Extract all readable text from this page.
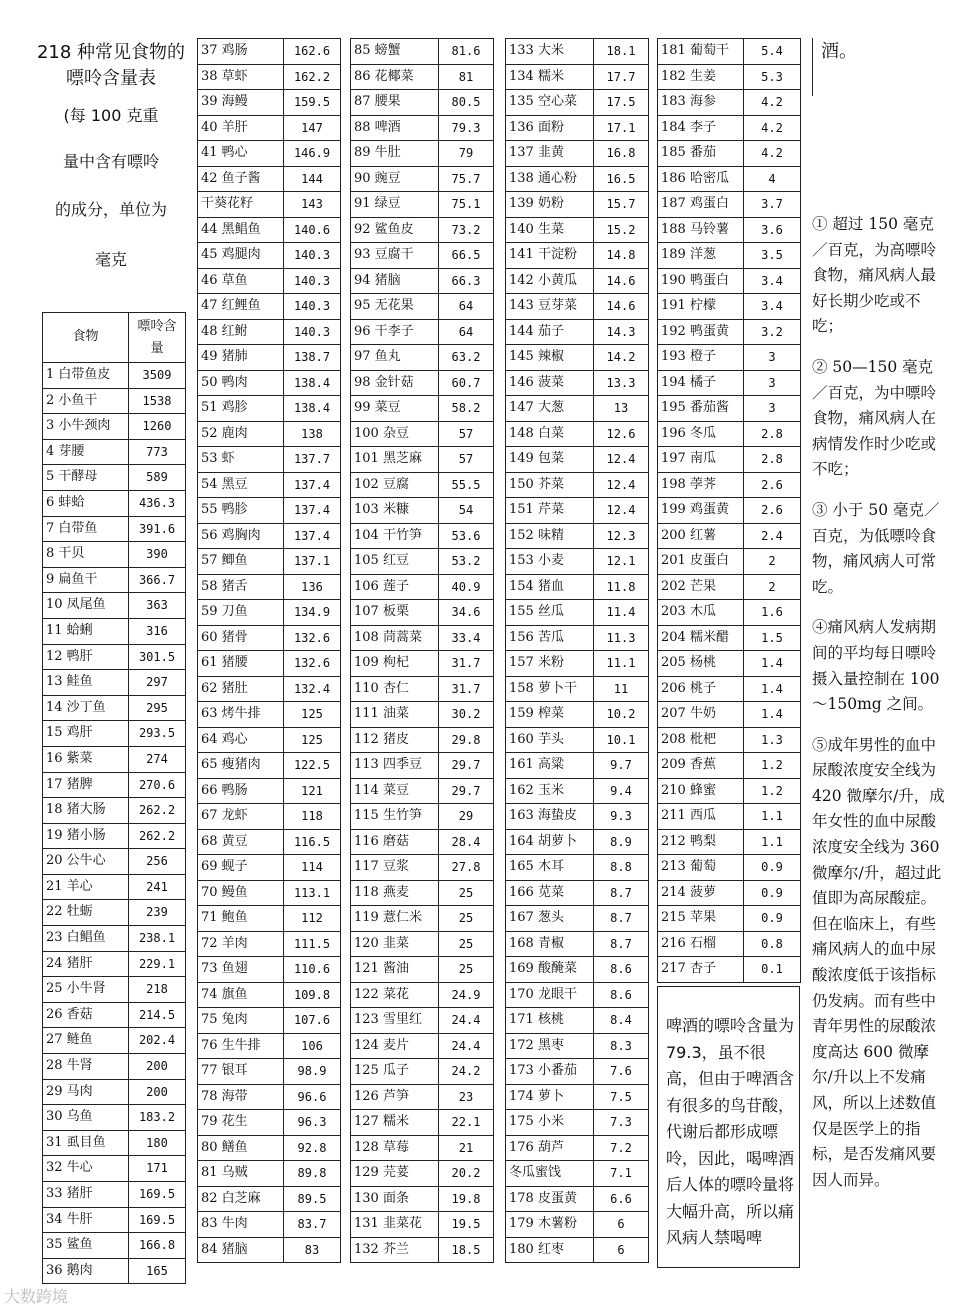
218 种常见食物的嘌呤含量表

(每 100 克重

量中含有嘌呤

的成分，单位为

毫克

食物	嘌呤含量
1 白带鱼皮	3509
2 小鱼干	1538
3 小牛颈肉	1260
4 芽腰	773
5 干酵母	589
6 蚌蛤	436.3
7 白带鱼	391.6
8 干贝	390
9 扁鱼干	366.7
10 凤尾鱼	363
11 蛤蜊	316
12 鸭肝	301.5
13 鲑鱼	297
14 沙丁鱼	295
15 鸡肝	293.5
16 紫菜	274
17 猪脾	270.6
18 猪大肠	262.2
19 猪小肠	262.2
20 公牛心	256
21 羊心	241
22 牡蛎	239
23 白鲳鱼	238.1
24 猪肝	229.1
25 小牛肾	218
26 香菇	214.5
27 鲢鱼	202.4
28 牛肾	200
29 马肉	200
30 乌鱼	183.2
31 虱目鱼	180
32 牛心	171
33 猪肝	169.5
34 牛肝	169.5
35 鲨鱼	166.8
36 鹅肉	165
37 鸡肠	162.6
38 草虾	162.2
39 海鳗	159.5
40 羊肝	147
41 鸭心	146.9
42 鱼子酱	144
干葵花籽	143
44 黑鲳鱼	140.6
45 鸡腿肉	140.3
46 草鱼	140.3
47 红鲤鱼	140.3
48 红鲋	140.3
49 猪肺	138.7
50 鸭肉	138.4
51 鸡胗	138.4
52 鹿肉	138
53 虾	137.7
54 黑豆	137.4
55 鸭胗	137.4
56 鸡胸肉	137.4
57 鲫鱼	137.1
58 猪舌	136
59 刀鱼	134.9
60 猪骨	132.6
61 猪腰	132.6
62 猪肚	132.4
63 烤牛排	125
64 鸡心	125
65 瘦猪肉	122.5
66 鸭肠	121
67 龙虾	118
68 黄豆	116.5
69 蚬子	114
70 鳗鱼	113.1
71 鲍鱼	112
72 羊肉	111.5
73 鱼翅	110.6
74 旗鱼	109.8
75 兔肉	107.6
76 生牛排	106
77 银耳	98.9
78 海带	96.6
79 花生	96.3
80 鳝鱼	92.8
81 乌贼	89.8
82 白芝麻	89.5
83 牛肉	83.7
84 猪脑	83
85 螃蟹	81.6
86 花椰菜	81
87 腰果	80.5
88 啤酒	79.3
89 牛肚	79
90 豌豆	75.7
91 绿豆	75.1
92 鲨鱼皮	73.2
93 豆腐干	66.5
94 猪脑	66.3
95 无花果	64
96 干李子	64
97 鱼丸	63.2
98 金针菇	60.7
99 菜豆	58.2
100 杂豆	57
101 黑芝麻	57
102 豆腐	55.5
103 米糠	54
104 干竹笋	53.6
105 红豆	53.2
106 莲子	40.9
107 板栗	34.6
108 茼蒿菜	33.4
109 枸杞	31.7
110 杏仁	31.7
111 油菜	30.2
112 猪皮	29.8
113 四季豆	29.7
114 菜豆	29.7
115 生竹笋	29
116 磨菇	28.4
117 豆浆	27.8
118 燕麦	25
119 薏仁米	25
120 韭菜	25
121 酱油	25
122 菜花	24.9
123 雪里红	24.4
124 麦片	24.4
125 瓜子	24.2
126 芦笋	23
127 糯米	22.1
128 草莓	21
129 芫荽	20.2
130 面条	19.8
131 韭菜花	19.5
132 芥兰	18.5
133 大米	18.1
134 糯米	17.7
135 空心菜	17.5
136 面粉	17.1
137 韭黄	16.8
138 通心粉	16.5
139 奶粉	15.7
140 生菜	15.2
141 干淀粉	14.8
142 小黄瓜	14.6
143 豆芽菜	14.6
144 茄子	14.3
145 辣椒	14.2
146 菠菜	13.3
147 大葱	13
148 白菜	12.6
149 包菜	12.4
150 芥菜	12.4
151 芹菜	12.4
152 味精	12.3
153 小麦	12.1
154 猪血	11.8
155 丝瓜	11.4
156 苦瓜	11.3
157 米粉	11.1
158 萝卜干	11
159 榨菜	10.2
160 芋头	10.1
161 高粱	9.7
162 玉米	9.4
163 海蛰皮	9.3
164 胡萝卜	8.9
165 木耳	8.8
166 苋菜	8.7
167 葱头	8.7
168 青椒	8.7
169 酸醃菜	8.6
170 龙眼干	8.6
171 核桃	8.4
172 黑枣	8.3
173 小番茄	7.6
174 萝卜	7.5
175 小米	7.3
176 葫芦	7.2
冬瓜蜜饯	7.1
178 皮蛋黄	6.6
179 木薯粉	6
180 红枣	6
181 葡萄干	5.4
182 生姜	5.3
183 海参	4.2
184 李子	4.2
185 番茄	4.2
186 哈密瓜	4
187 鸡蛋白	3.7
188 马铃薯	3.6
189 洋葱	3.5
190 鸭蛋白	3.4
191 柠檬	3.4
192 鸭蛋黄	3.2
193 橙子	3
194 橘子	3
195 番茄酱	3
196 冬瓜	2.8
197 南瓜	2.8
198 荸荠	2.6
199 鸡蛋黄	2.6
200 红薯	2.4
201 皮蛋白	2
202 芒果	2
203 木瓜	1.6
204 糯米醋	1.5
205 杨桃	1.4
206 桃子	1.4
207 牛奶	1.4
208 枇杷	1.3
209 香蕉	1.2
210 蜂蜜	1.2
211 西瓜	1.1
212 鸭梨	1.1
213 葡萄	0.9
214 菠萝	0.9
215 苹果	0.9
216 石榴	0.8
217 杏子	0.1
啤酒的嘌呤含量为 79.3，虽不很高，但由于啤酒含有很多的鸟苷酸，代谢后都形成嘌呤，因此，喝啤酒后人体的嘌呤量将大幅升高，所以痛风病人禁喝啤
酒。

① 超过 150 毫克／百克，为高嘌呤食物，痛风病人最好长期少吃或不吃；

② 50—150 毫克／百克，为中嘌呤食物，痛风病人在病情发作时少吃或不吃；

③ 小于 50 毫克／百克，为低嘌呤食物，痛风病人可常吃。

④痛风病人发病期间的平均每日嘌呤摄入量控制在 100～150mg 之间。

⑤成年男性的血中尿酸浓度安全线为 420 微摩尔/升，成年女性的血中尿酸浓度安全线为 360 微摩尔/升，超过此值即为高尿酸症。但在临床上，有些痛风病人的血中尿酸浓度低于该指标仍发病。而有些中青年男性的尿酸浓度高达 600 微摩尔/升以上不发痛风，所以上述数值仅是医学上的指标，是否发痛风要因人而异。

大数跨境
